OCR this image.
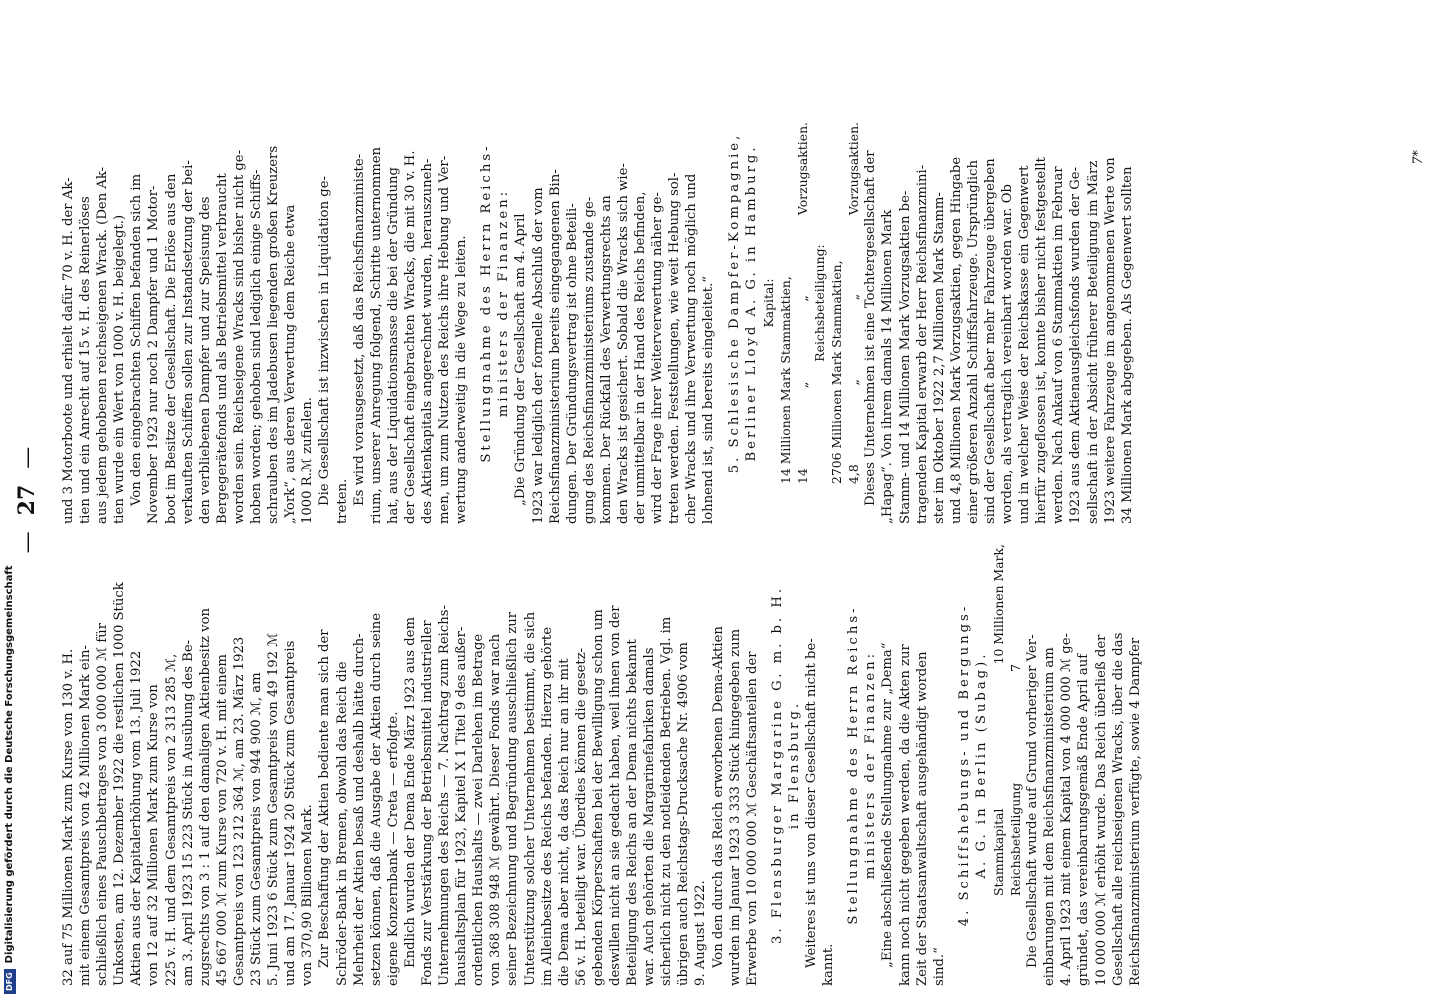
—27—

32 auf 75 Millionen Mark zum Kurse von 130 v. H. mit einem Gesamtpreis von 42 Millionen Mark ein- schließlich eines Pauschbetrages von 3 000 000 ℳ für Unkosten, am 12. Dezember 1922 die restlichen 1000 Stück Aktien aus der Kapitalerhöhung vom 13. Juli 1922 von 12 auf 32 Millionen Mark zum Kurse von 225 v. H. und dem Gesamtpreis von 2 313 285 ℳ, am 3. April 1923 15 223 Stück in Ausübung des Be- zugsrechts von 3 : 1 auf den damaligen Aktienbesitz von 45 667 000 ℳ zum Kurse von 720 v. H. mit einem Gesamtpreis von 123 212 364 ℳ, am 23. März 1923 23 Stück zum Gesamtpreis von 944 900 ℳ, am 5. Juni 1923 6 Stück zum Gesamtpreis von 49 192 ℳ und am 17. Januar 1924 20 Stück zum Gesamtpreis von 370,90 Billionen Mark. Zur Beschaffung der Aktien bediente man sich der Schröder-Bank in Bremen, obwohl das Reich die Mehrheit der Aktien besaß und deshalb hätte durch- setzen können, daß die Ausgabe der Aktien durch seine eigene Konzernbank — Creta — erfolgte. Endlich wurden der Dema Ende März 1923 aus dem Fonds zur Verstärkung der Betriebsmittel industrieller Unternehmungen des Reichs — 7. Nachtrag zum Reichs- haushaltsplan für 1923, Kapitel X 1 Titel 9 des außer- ordentlichen Haushalts — zwei Darlehen im Betrage von 368 308 948 ℳ gewährt. Dieser Fonds war nach seiner Bezeichnung und Begründung ausschließlich zur Unterstützung solcher Unternehmen bestimmt, die sich im Alleinbesitze des Reichs befanden. Hierzu gehörte die Dema aber nicht, da das Reich nur an ihr mit 56 v. H. beteiligt war. Überdies können die gesetz- gebenden Körperschaften bei der Bewilligung schon um deswillen nicht an sie gedacht haben, weil ihnen von der Beteiligung des Reichs an der Dema nichts bekannt war. Auch gehörten die Margarinefabriken damals sicherlich nicht zu den notleidenden Betrieben. Vgl. im übrigen auch Reichstags-Drucksache Nr. 4906 vom 9. August 1922. Von den durch das Reich erworbenen Dema-Aktien wurden im Januar 1923 3 333 Stück hingegeben zum Erwerbe von 10 000 000 ℳ Geschäftsanteilen der 3. Flensburger Margarine G. m. b. H. in Flensburg. Weiteres ist uns von dieser Gesellschaft nicht be- kannt.

Stellungnahme des Herrn Reichs- ministers der Finanzen: „Eine abschließende Stellungnahme zur „Dema“ kann noch nicht gegeben werden, da die Akten zur Zeit der Staatsanwaltschaft ausgehändigt worden sind.“

4. Schiffshebungs- und Bergungs- A. G. in Berlin (Subag). Stammkapital
10 Millionen Mark,
Reichsbeteiligung
7 Die Gesellschaft wurde auf Grund vorheriger Ver- einbarungen mit dem Reichsfinanzministerium am 4. April 1923 mit einem Kapital von 4 000 000 ℳ ge- gründet, das vereinbarungsgemäß Ende April auf 10 000 000 ℳ erhöht wurde. Das Reich überließ der Gesellschaft alle reichseigenen Wracks, über die das Reichsfinanzministerium verfügte, sowie 4 Dampfer

und 3 Motorboote und erhielt dafür 70 v. H. der Ak- tien und ein Anrecht auf 15 v. H. des Reinerlöses aus jedem gehobenen reichseigenen Wrack. (Den Ak- tien wurde ein Wert von 1000 v. H. beigelegt.) Von den eingebrachten Schiffen befanden sich im November 1923 nur noch 2 Dampfer und 1 Motor- boot im Besitze der Gesellschaft. Die Erlöse aus den verkauften Schiffen sollen zur Instandsetzung der bei- den verbliebenen Dampfer und zur Speisung des Bergegerätefonds und als Betriebsmittel verbraucht worden sein. Reichseigene Wracks sind bisher nicht ge- hoben worden; gehoben sind lediglich einige Schiffs- schrauben des im Jadebusen liegenden großen Kreuzers „York“, aus deren Verwertung dem Reiche etwa 1000 R.ℳ zufielen. Die Gesellschaft ist inzwischen in Liquidation ge- treten. Es wird vorausgesetzt, daß das Reichsfinanzministe- rium, unserer Anregung folgend, Schritte unternommen hat, aus der Liquidationsmasse die bei der Gründung der Gesellschaft eingebrachten Wracks, die mit 30 v. H. des Aktienkapitals angerechnet wurden, herauszuneh- men, um zum Nutzen des Reichs ihre Hebung und Ver- wertung anderweitig in die Wege zu leiten. Stellungnahme des Herrn Reichs- ministers der Finanzen: „Die Gründung der Gesellschaft am 4. April 1923 war lediglich der formelle Abschluß der vom Reichsfinanzministerium bereits eingegangenen Bin- dungen. Der Gründungsvertrag ist ohne Beteili- gung des Reichsfinanzministeriums zustande ge- kommen. Der Rückfall des Verwertungsrechts an den Wracks ist gesichert. Sobald die Wracks sich wie- der unmittelbar in der Hand des Reichs befinden, wird der Frage ihrer Weiterverwertung näher ge- treten werden. Feststellungen, wie weit Hebung sol- cher Wracks und ihre Verwertung noch möglich und lohnend ist, sind bereits eingeleitet.“ 5. Schlesische Dampfer-Kompagnie, Berliner Lloyd A. G. in Hamburg. Kapital: 14 Millionen Mark Stammaktien, 14
„
„
Vorzugsaktien.

Reichsbeteiligung: 2706 Millionen Mark Stammaktien, 4,8
„
„
Vorzugsaktien. Dieses Unternehmen ist eine Tochtergesellschaft der „Hapag“. Von ihrem damals 14 Millionen Mark Stamm- und 14 Millionen Mark Vorzugsaktien be- tragenden Kapital erwarb der Herr Reichsfinanzmini- ster im Oktober 1922 2,7 Millionen Mark Stamm- und 4,8 Millionen Mark Vorzugsaktien, gegen Hingabe einer größeren Anzahl Schiffsfahrzeuge. Ursprünglich sind der Gesellschaft aber mehr Fahrzeuge übergeben worden, als vertraglich vereinbart worden war. Ob und in welcher Weise der Reichskasse ein Gegenwert hierfür zugeflossen ist, konnte bisher nicht festgestellt werden. Nach Ankauf von 6 Stammaktien im Februar 1923 aus dem Aktienausgleichsfonds wurden der Ge- sellschaft in der Absicht früherer Beteiligung im März 1923 weitere Fahrzeuge im angenommenen Werte von 34 Millionen Mark abgegeben. Als Gegenwert sollten

7*
DFG
Digitalisierung gefördert durch die Deutsche Forschungsgemeinschaft
